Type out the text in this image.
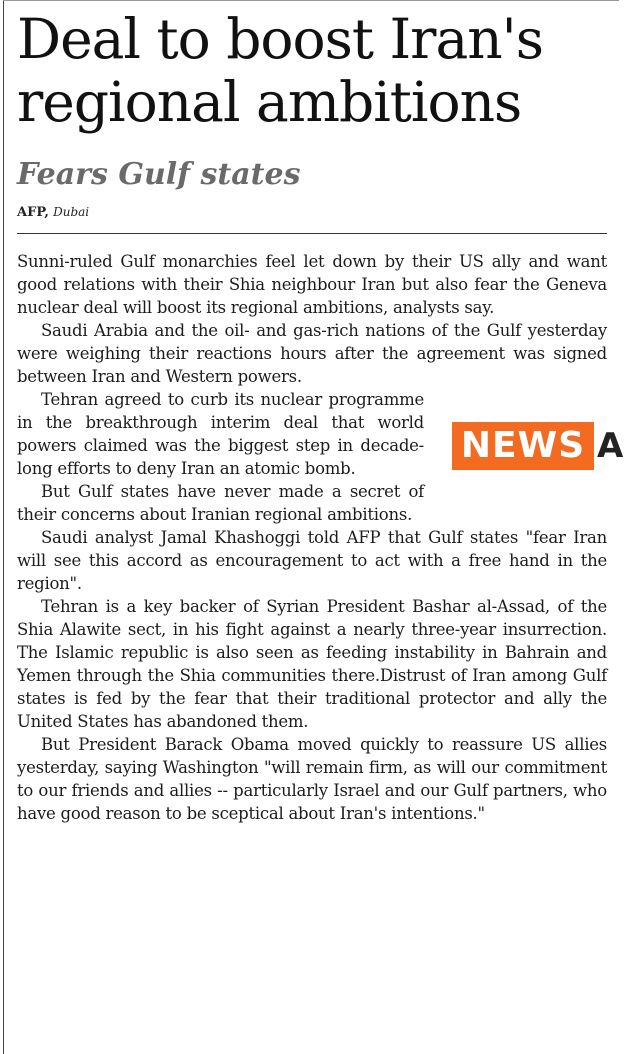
Deal to boost Iran's regional ambitions
Fears Gulf states
AFP, Dubai

Sunni-ruled Gulf monarchies feel let down by their US ally and want good relations with their Shia neighbour Iran but also fear the Geneva nuclear deal will boost its regional ambitions, analysts say.

Saudi Arabia and the oil- and gas-rich nations of the Gulf yesterday were weighing their reactions hours after the agreement was signed between Iran and Western powers.

NEWS A

Tehran agreed to curb its nuclear programme in the breakthrough interim deal that world powers claimed was the biggest step in decade-long efforts to deny Iran an atomic bomb.

But Gulf states have never made a secret of their concerns about Iranian regional ambitions.

Saudi analyst Jamal Khashoggi told AFP that Gulf states "fear Iran will see this accord as encouragement to act with a free hand in the region".

Tehran is a key backer of Syrian President Bashar al-Assad, of the Shia Alawite sect, in his fight against a nearly three-year insurrection. The Islamic republic is also seen as feeding instability in Bahrain and Yemen through the Shia communities there.Distrust of Iran among Gulf states is fed by the fear that their traditional protector and ally the United States has abandoned them.

But President Barack Obama moved quickly to reassure US allies yesterday, saying Washington "will remain firm, as will our commitment to our friends and allies -- particularly Israel and our Gulf partners, who have good reason to be sceptical about Iran's intentions."
